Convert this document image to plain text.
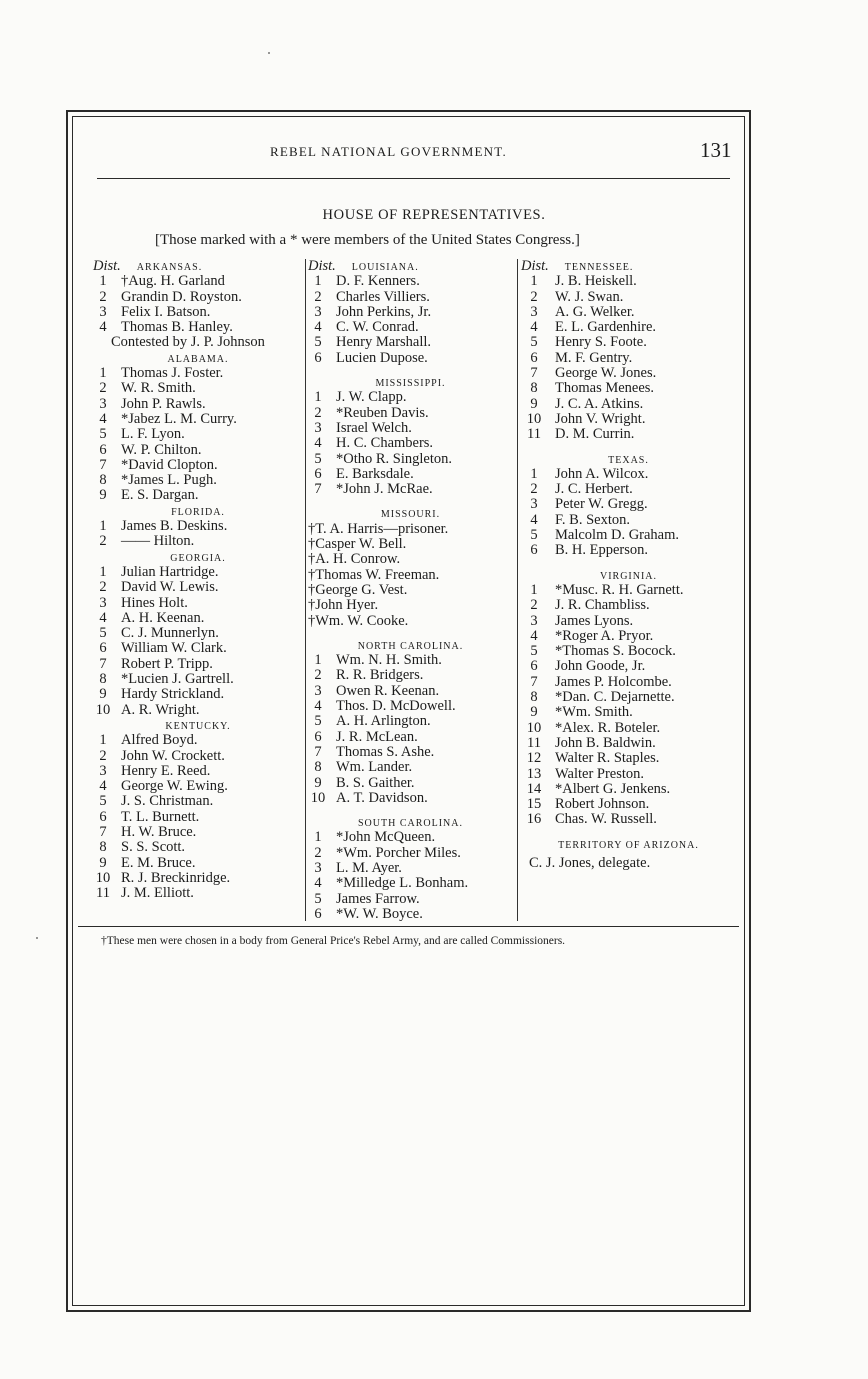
REBEL NATIONAL GOVERNMENT.	131
HOUSE OF REPRESENTATIVES.
[Those marked with a * were members of the United States Congress.]
Dist. ARKANSAS.
1 †Aug. H. Garland
2 Grandin D. Royston.
3 Felix I. Batson.
4 Thomas B. Hanley.
Contested by J. P. Johnson
ALABAMA.
1 Thomas J. Foster.
2 W. R. Smith.
3 John P. Rawls.
4 *Jabez L. M. Curry.
5 L. F. Lyon.
6 W. P. Chilton.
7 *David Clopton.
8 *James L. Pugh.
9 E. S. Dargan.
FLORIDA.
1 James B. Deskins.
2 —— Hilton.
GEORGIA.
1 Julian Hartridge.
2 David W. Lewis.
3 Hines Holt.
4 A. H. Keenan.
5 C. J. Munnerlyn.
6 William W. Clark.
7 Robert P. Tripp.
8 *Lucien J. Gartrell.
9 Hardy Strickland.
10 A. R. Wright.
KENTUCKY.
1 Alfred Boyd.
2 John W. Crockett.
3 Henry E. Reed.
4 George W. Ewing.
5 J. S. Christman.
6 T. L. Burnett.
7 H. W. Bruce.
8 S. S. Scott.
9 E. M. Bruce.
10 R. J. Breckinridge.
11 J. M. Elliott.
Dist. LOUISIANA.
1 D. F. Kenners.
2 Charles Villiers.
3 John Perkins, Jr.
4 C. W. Conrad.
5 Henry Marshall.
6 Lucien Dupose.
MISSISSIPPI.
1 J. W. Clapp.
2 *Reuben Davis.
3 Israel Welch.
4 H. C. Chambers.
5 *Otho R. Singleton.
6 E. Barksdale.
7 *John J. McRae.
MISSOURI.
†T. A. Harris—prisoner.
†Casper W. Bell.
†A. H. Conrow.
†Thomas W. Freeman.
†George G. Vest.
†John Hyer.
†Wm. W. Cooke.
NORTH CAROLINA.
1 Wm. N. H. Smith.
2 R. R. Bridgers.
3 Owen R. Keenan.
4 Thos. D. McDowell.
5 A. H. Arlington.
6 J. R. McLean.
7 Thomas S. Ashe.
8 Wm. Lander.
9 B. S. Gaither.
10 A. T. Davidson.
SOUTH CAROLINA.
1 *John McQueen.
2 *Wm. Porcher Miles.
3 L. M. Ayer.
4 *Milledge L. Bonham.
5 James Farrow.
6 *W. W. Boyce.
Dist. TENNESSEE.
1 J. B. Heiskell.
2 W. J. Swan.
3 A. G. Welker.
4 E. L. Gardenhire.
5 Henry S. Foote.
6 M. F. Gentry.
7 George W. Jones.
8 Thomas Menees.
9 J. C. A. Atkins.
10 John V. Wright.
11 D. M. Currin.
TEXAS.
1 John A. Wilcox.
2 J. C. Herbert.
3 Peter W. Gregg.
4 F. B. Sexton.
5 Malcolm D. Graham.
6 B. H. Epperson.
VIRGINIA.
1 *Musc. R. H. Garnett.
2 J. R. Chambliss.
3 James Lyons.
4 *Roger A. Pryor.
5 *Thomas S. Bocock.
6 John Goode, Jr.
7 James P. Holcombe.
8 *Dan. C. Dejarnette.
9 *Wm. Smith.
10 *Alex. R. Boteler.
11 John B. Baldwin.
12 Walter R. Staples.
13 Walter Preston.
14 *Albert G. Jenkens.
15 Robert Johnson.
16 Chas. W. Russell.
TERRITORY OF ARIZONA.
C. J. Jones, delegate.
†These men were chosen in a body from General Price's Rebel Army, and are called Commissioners.
